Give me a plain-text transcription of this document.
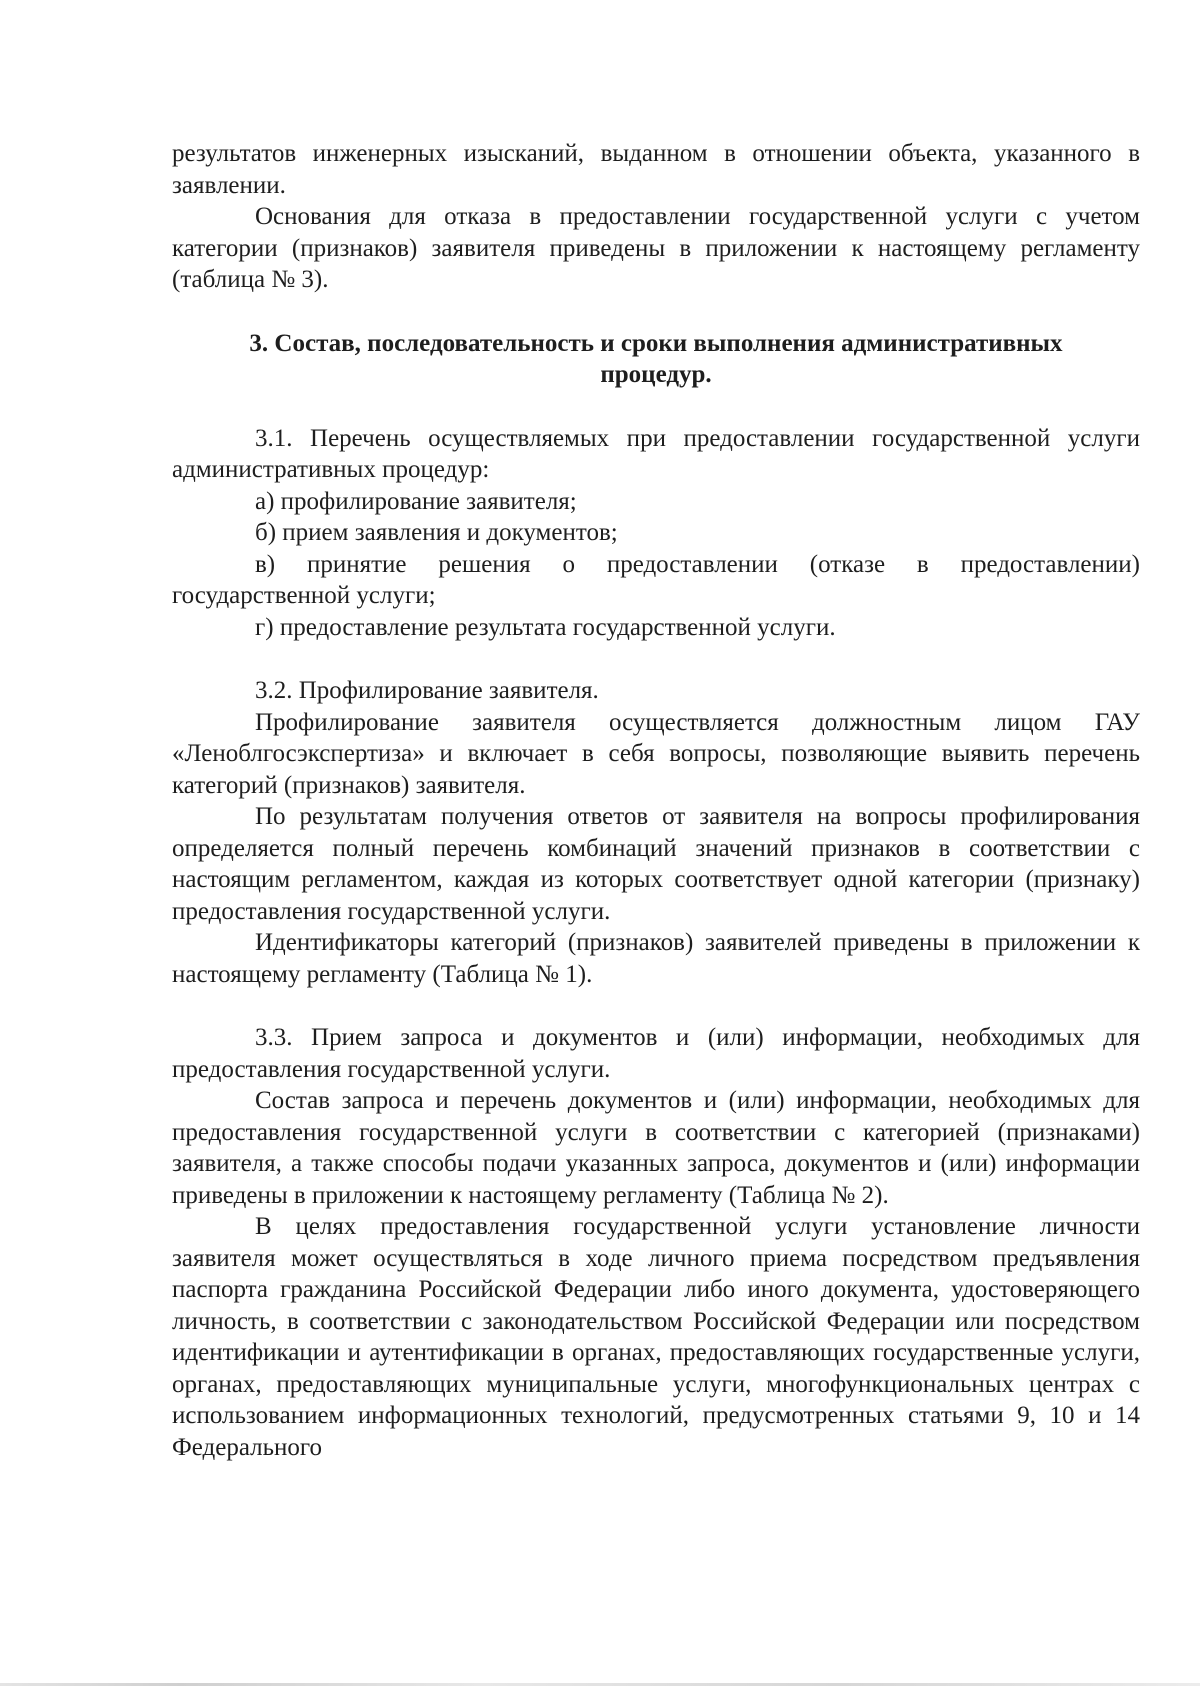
результатов инженерных изысканий, выданном в отношении объекта, указанного в заявлении.

Основания для отказа в предоставлении государственной услуги с учетом категории (признаков) заявителя приведены в приложении к настоящему регламенту (таблица № 3).

3. Состав, последовательность и сроки выполнения административных процедур.

3.1. Перечень осуществляемых при предоставлении государственной услуги административных процедур:

а) профилирование заявителя;

б) прием заявления и документов;

в) принятие решения о предоставлении (отказе в предоставлении) государственной услуги;

г) предоставление результата государственной услуги.

3.2. Профилирование заявителя.

Профилирование заявителя осуществляется должностным лицом ГАУ «Леноблгосэкспертиза» и включает в себя вопросы, позволяющие выявить перечень категорий (признаков) заявителя.

По результатам получения ответов от заявителя на вопросы профилирования определяется полный перечень комбинаций значений признаков в соответствии с настоящим регламентом, каждая из которых соответствует одной категории (признаку) предоставления государственной услуги.

Идентификаторы категорий (признаков) заявителей приведены в приложении к настоящему регламенту (Таблица № 1).

3.3. Прием запроса и документов и (или) информации, необходимых для предоставления государственной услуги.

Состав запроса и перечень документов и (или) информации, необходимых для предоставления государственной услуги в соответствии с категорией (признаками) заявителя, а также способы подачи указанных запроса, документов и (или) информации приведены в приложении к настоящему регламенту (Таблица № 2).

В целях предоставления государственной услуги установление личности заявителя может осуществляться в ходе личного приема посредством предъявления паспорта гражданина Российской Федерации либо иного документа, удостоверяющего личность, в соответствии с законодательством Российской Федерации или посредством идентификации и аутентификации в органах, предоставляющих государственные услуги, органах, предоставляющих муниципальные услуги, многофункциональных центрах с использованием информационных технологий, предусмотренных статьями 9, 10 и 14 Федерального
